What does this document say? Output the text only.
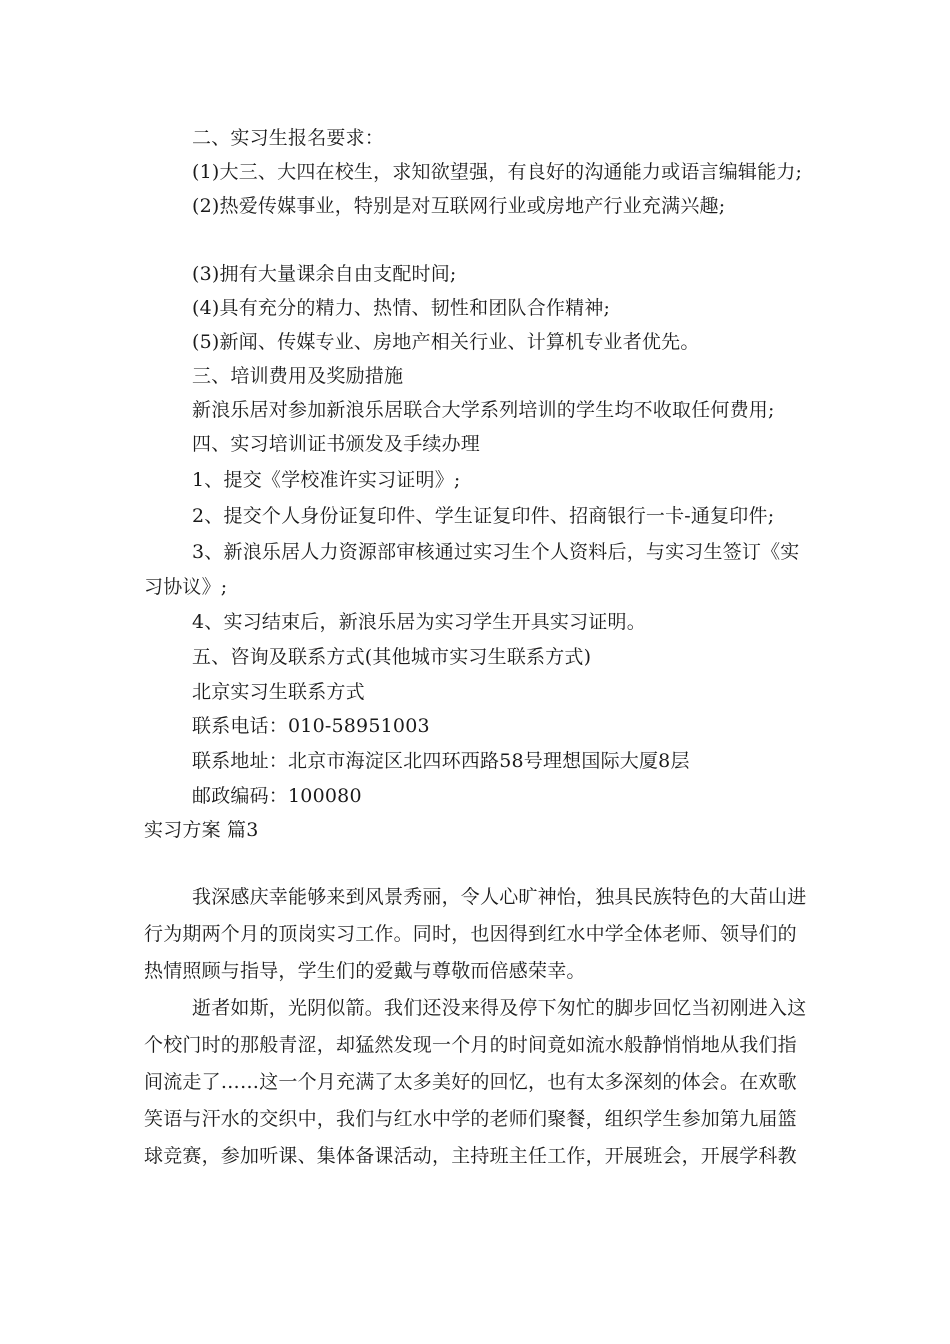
二、实习生报名要求：
(1)大三、大四在校生，求知欲望强，有良好的沟通能力或语言编辑能力;
(2)热爱传媒事业，特别是对互联网行业或房地产行业充满兴趣;
(3)拥有大量课余自由支配时间;
(4)具有充分的精力、热情、韧性和团队合作精神;
(5)新闻、传媒专业、房地产相关行业、计算机专业者优先。
三、培训费用及奖励措施
新浪乐居对参加新浪乐居联合大学系列培训的学生均不收取任何费用;
四、实习培训证书颁发及手续办理
1、提交《学校准许实习证明》;
2、提交个人身份证复印件、学生证复印件、招商银行一卡-通复印件;
3、新浪乐居人力资源部审核通过实习生个人资料后，与实习生签订《实
习协议》;
4、实习结束后，新浪乐居为实习学生开具实习证明。
五、咨询及联系方式(其他城市实习生联系方式)
北京实习生联系方式
联系电话：010-58951003
联系地址：北京市海淀区北四环西路58号理想国际大厦8层
邮政编码：100080
实习方案 篇3
我深感庆幸能够来到风景秀丽，令人心旷神怡，独具民族特色的大苗山进
行为期两个月的顶岗实习工作。同时，也因得到红水中学全体老师、领导们的
热情照顾与指导，学生们的爱戴与尊敬而倍感荣幸。
逝者如斯，光阴似箭。我们还没来得及停下匆忙的脚步回忆当初刚进入这
个校门时的那般青涩，却猛然发现一个月的时间竟如流水般静悄悄地从我们指
间流走了……这一个月充满了太多美好的回忆，也有太多深刻的体会。在欢歌
笑语与汗水的交织中，我们与红水中学的老师们聚餐，组织学生参加第九届篮
球竞赛，参加听课、集体备课活动，主持班主任工作，开展班会，开展学科教
